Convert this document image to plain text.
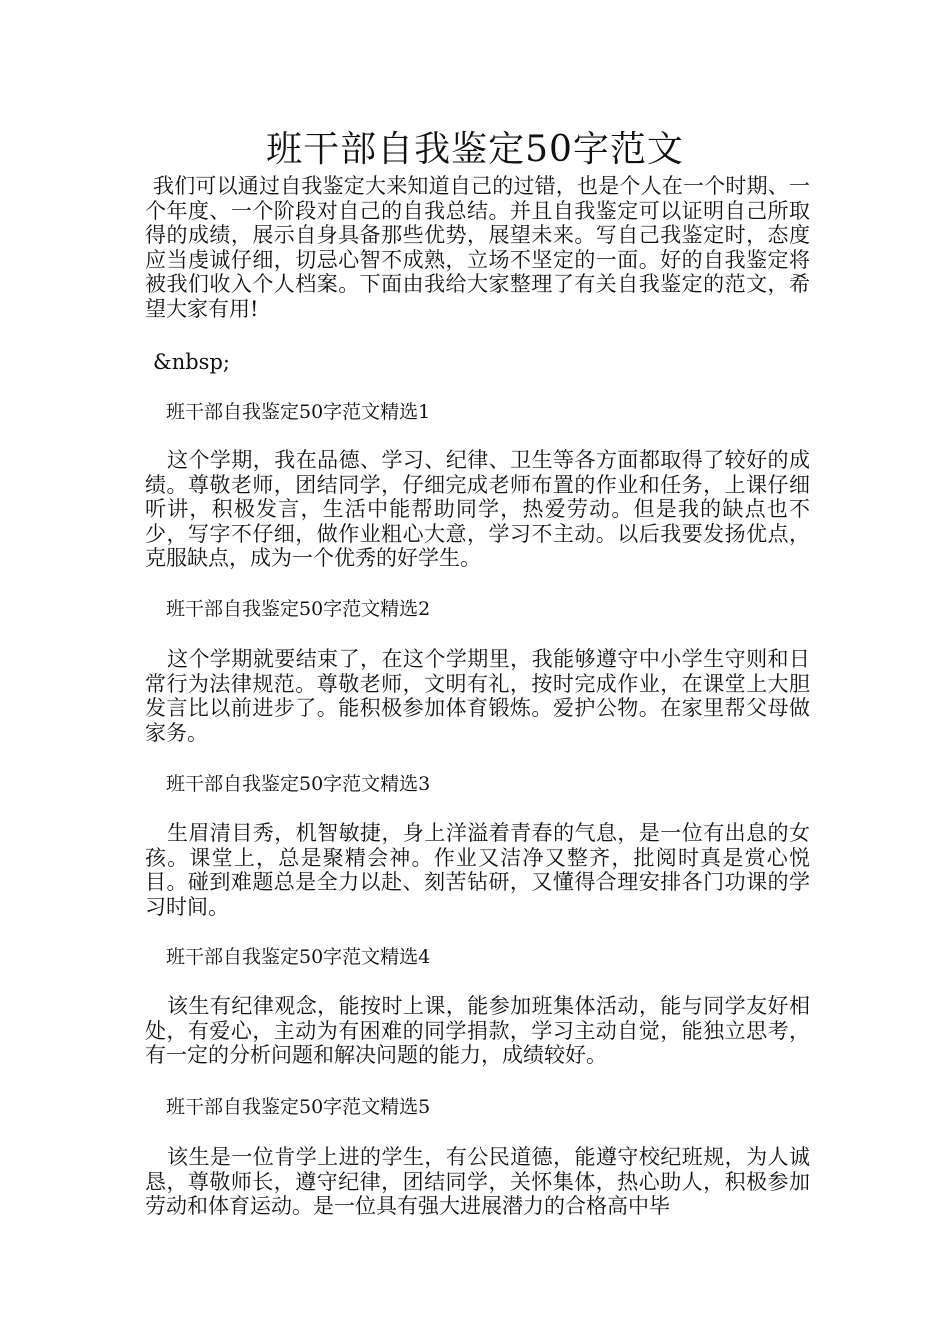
班干部自我鉴定50字范文

我们可以通过自我鉴定大来知道自己的过错，也是个人在一个时期、一个年度、一个阶段对自己的自我总结。并且自我鉴定可以证明自己所取得的成绩，展示自身具备那些优势，展望未来。写自己我鉴定时，态度应当虔诚仔细，切忌心智不成熟，立场不坚定的一面。好的自我鉴定将被我们收入个人档案。下面由我给大家整理了有关自我鉴定的范文，希望大家有用!

&nbsp;

班干部自我鉴定50字范文精选1

这个学期，我在品德、学习、纪律、卫生等各方面都取得了较好的成绩。尊敬老师，团结同学，仔细完成老师布置的作业和任务，上课仔细听讲，积极发言，生活中能帮助同学，热爱劳动。但是我的缺点也不少，写字不仔细，做作业粗心大意，学习不主动。以后我要发扬优点，克服缺点，成为一个优秀的好学生。

班干部自我鉴定50字范文精选2

这个学期就要结束了，在这个学期里，我能够遵守中小学生守则和日常行为法律规范。尊敬老师，文明有礼，按时完成作业，在课堂上大胆发言比以前进步了。能积极参加体育锻炼。爱护公物。在家里帮父母做家务。

班干部自我鉴定50字范文精选3

生眉清目秀，机智敏捷，身上洋溢着青春的气息，是一位有出息的女孩。课堂上，总是聚精会神。作业又洁净又整齐，批阅时真是赏心悦目。碰到难题总是全力以赴、刻苦钻研，又懂得合理安排各门功课的学习时间。

班干部自我鉴定50字范文精选4

该生有纪律观念，能按时上课，能参加班集体活动，能与同学友好相处，有爱心，主动为有困难的同学捐款，学习主动自觉，能独立思考，有一定的分析问题和解决问题的能力，成绩较好。

班干部自我鉴定50字范文精选5

该生是一位肯学上进的学生，有公民道德，能遵守校纪班规，为人诚恳，尊敬师长，遵守纪律，团结同学，关怀集体，热心助人，积极参加劳动和体育运动。是一位具有强大进展潜力的合格高中毕
